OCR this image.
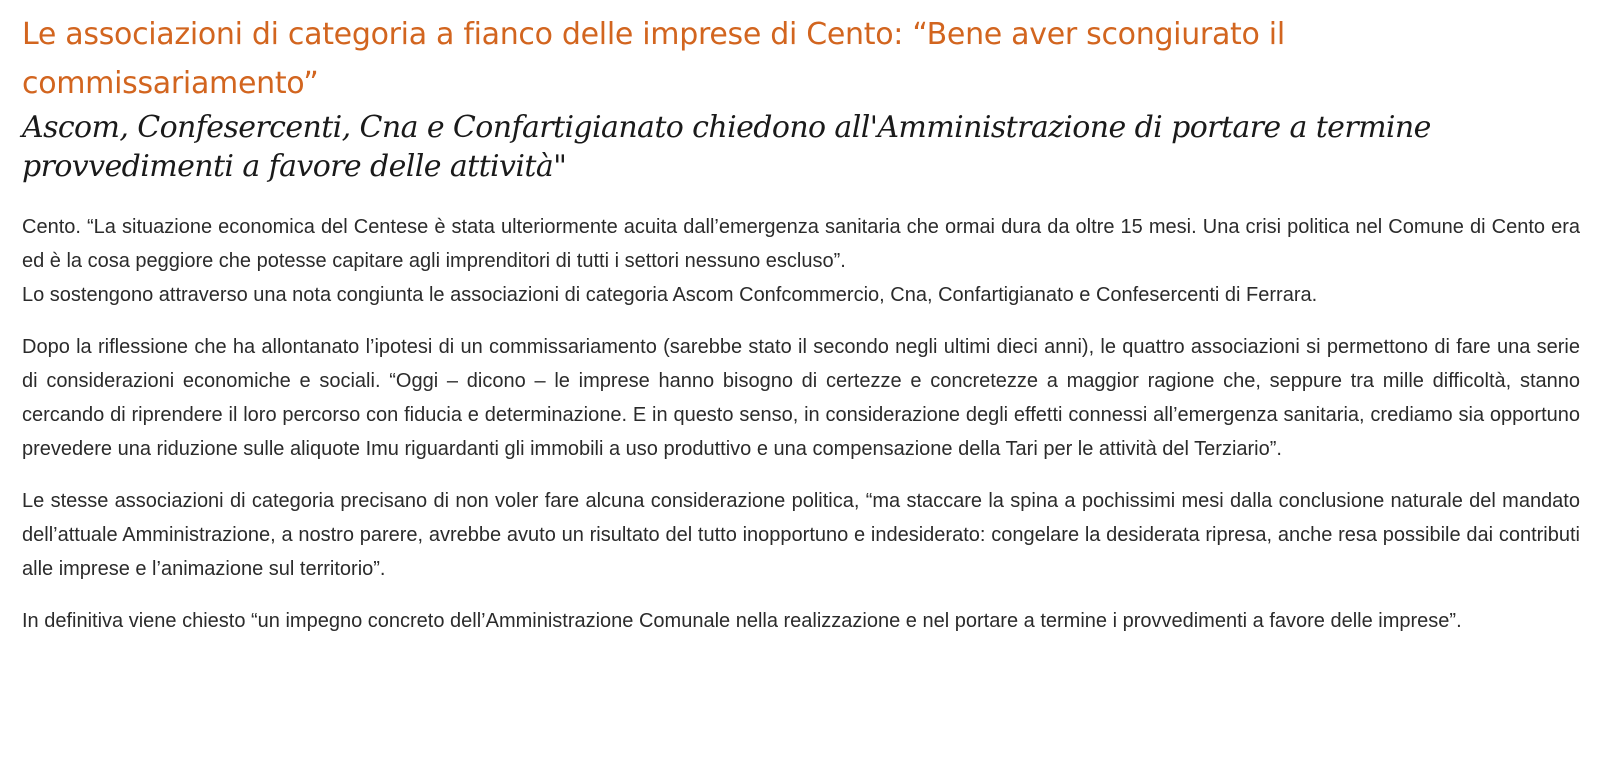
Le associazioni di categoria a fianco delle imprese di Cento: “Bene aver scongiurato il commissariamento”
Ascom, Confesercenti, Cna e Confartigianato chiedono all'Amministrazione di portare a termine provvedimenti a favore delle attività"

Cento. “La situazione economica del Centese è stata ulteriormente acuita dall’emergenza sanitaria che ormai dura da oltre 15 mesi. Una crisi politica nel Comune di Cento era ed è la cosa peggiore che potesse capitare agli imprenditori di tutti i settori nessuno escluso”.

Lo sostengono attraverso una nota congiunta le associazioni di categoria Ascom Confcommercio, Cna, Confartigianato e Confesercenti di Ferrara.

Dopo la riflessione che ha allontanato l’ipotesi di un commissariamento (sarebbe stato il secondo negli ultimi dieci anni), le quattro associazioni si permettono di fare una serie di considerazioni economiche e sociali. “Oggi – dicono – le imprese hanno bisogno di certezze e concretezze a maggior ragione che, seppure tra mille difficoltà, stanno cercando di riprendere il loro percorso con fiducia e determinazione. E in questo senso, in considerazione degli effetti connessi all’emergenza sanitaria, crediamo sia opportuno prevedere una riduzione sulle aliquote Imu riguardanti gli immobili a uso produttivo e una compensazione della Tari per le attività del Terziario”.

Le stesse associazioni di categoria precisano di non voler fare alcuna considerazione politica, “ma staccare la spina a pochissimi mesi dalla conclusione naturale del mandato dell’attuale Amministrazione, a nostro parere, avrebbe avuto un risultato del tutto inopportuno e indesiderato: congelare la desiderata ripresa, anche resa possibile dai contributi alle imprese e l’animazione sul territorio”.

In definitiva viene chiesto “un impegno concreto dell’Amministrazione Comunale nella realizzazione e nel portare a termine i provvedimenti a favore delle imprese”.
